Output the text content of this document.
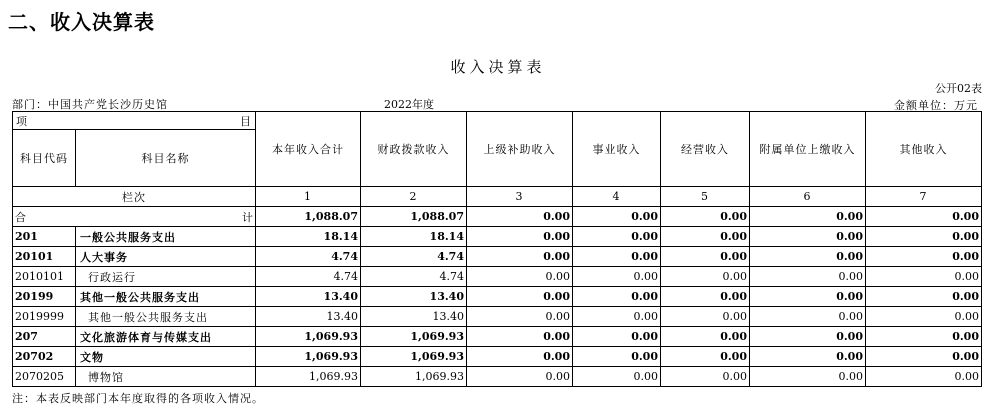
二、收入决算表
收入决算表
公开02表
部门：中国共产党长沙历史馆	2022年度	金额单位：万元
项 目		本年收入合计	财政拨款收入	上级补助收入	事业收入	经营收入	附属单位上缴收入	其他收入
科目代码	科目名称							
栏次		1	2	3	4	5	6	7

合 计		1,088.07	1,088.07	0.00	0.00	0.00	0.00	0.00
201	一般公共服务支出	18.14	18.14	0.00	0.00	0.00	0.00	0.00
20101	人大事务	4.74	4.74	0.00	0.00	0.00	0.00	0.00
2010101	行政运行	4.74	4.74	0.00	0.00	0.00	0.00	0.00
20199	其他一般公共服务支出	13.40	13.40	0.00	0.00	0.00	0.00	0.00
2019999	其他一般公共服务支出	13.40	13.40	0.00	0.00	0.00	0.00	0.00
207	文化旅游体育与传媒支出	1,069.93	1,069.93	0.00	0.00	0.00	0.00	0.00
20702	文物	1,069.93	1,069.93	0.00	0.00	0.00	0.00	0.00
2070205	博物馆	1,069.93	1,069.93	0.00	0.00	0.00	0.00	0.00
注：本表反映部门本年度取得的各项收入情况。
